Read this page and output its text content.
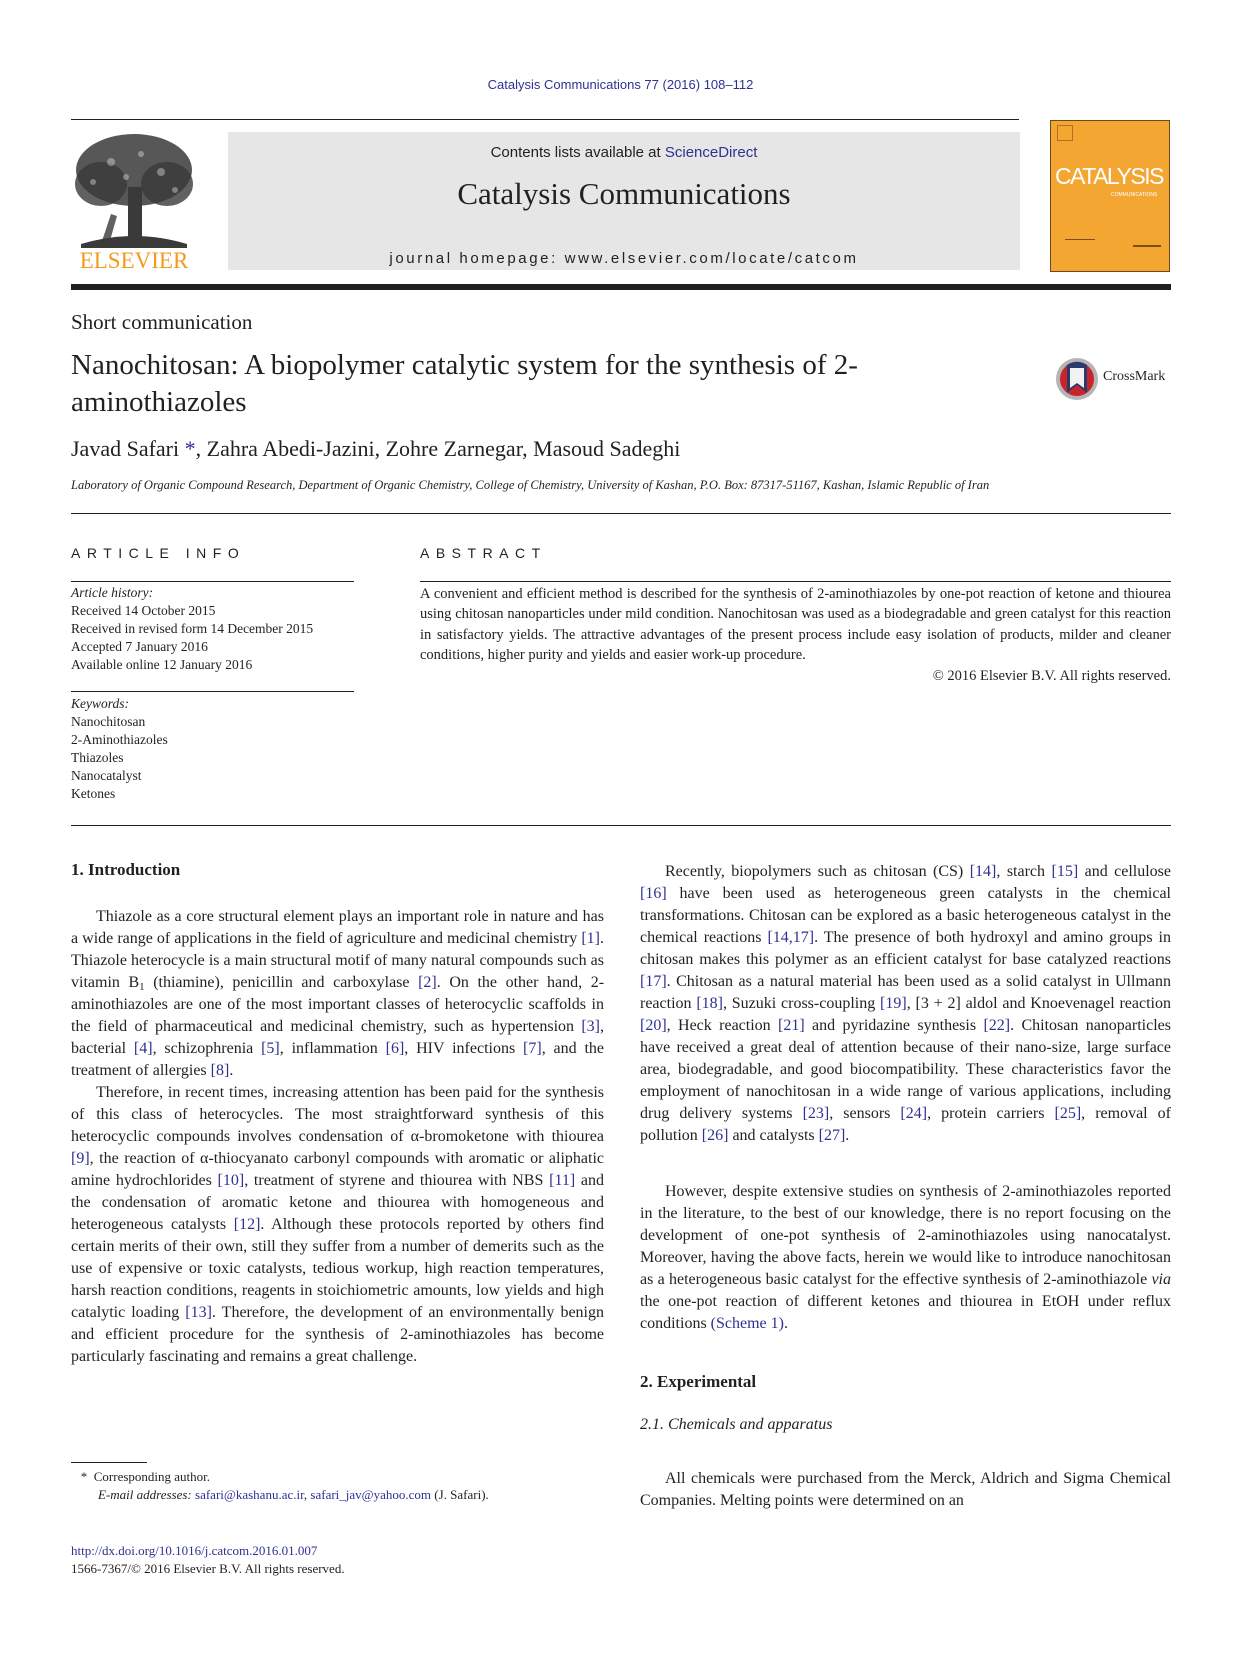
Catalysis Communications 77 (2016) 108–112
ELSEVIER
Contents lists available at ScienceDirect
Catalysis Communications
journal homepage: www.elsevier.com/locate/catcom
CATALYSIS
COMMUNICATIONS
Short communication
Nanochitosan: A biopolymer catalytic system for the synthesis of 2-aminothiazoles
CrossMark
Javad Safari *, Zahra Abedi-Jazini, Zohre Zarnegar, Masoud Sadeghi
Laboratory of Organic Compound Research, Department of Organic Chemistry, College of Chemistry, University of Kashan, P.O. Box: 87317-51167, Kashan, Islamic Republic of Iran
ARTICLE INFO	ABSTRACT
Article history:
Received 14 October 2015
Received in revised form 14 December 2015
Accepted 7 January 2016
Available online 12 January 2016
Keywords:
Nanochitosan
2-Aminothiazoles
Thiazoles
Nanocatalyst
Ketones

A convenient and efficient method is described for the synthesis of 2-aminothiazoles by one-pot reaction of ketone and thiourea using chitosan nanoparticles under mild condition. Nanochitosan was used as a biodegradable and green catalyst for this reaction in satisfactory yields. The attractive advantages of the present process include easy isolation of products, milder and cleaner conditions, higher purity and yields and easier work-up procedure.

© 2016 Elsevier B.V. All rights reserved.

1. Introduction

Thiazole as a core structural element plays an important role in nature and has a wide range of applications in the field of agriculture and medicinal chemistry [1]. Thiazole heterocycle is a main structural motif of many natural compounds such as vitamin $B_1$ (thiamine), penicillin and carboxylase [2]. On the other hand, 2-aminothiazoles are one of the most important classes of heterocyclic scaffolds in the field of pharmaceutical and medicinal chemistry, such as hypertension [3], bacterial [4], schizophrenia [5], inflammation [6], HIV infections [7], and the treatment of allergies [8].

Therefore, in recent times, increasing attention has been paid for the synthesis of this class of heterocycles. The most straightforward synthesis of this heterocyclic compounds involves condensation of α-bromoketone with thiourea [9], the reaction of α-thiocyanato carbonyl compounds with aromatic or aliphatic amine hydrochlorides [10], treatment of styrene and thiourea with NBS [11] and the condensation of aromatic ketone and thiourea with homogeneous and heterogeneous catalysts [12]. Although these protocols reported by others find certain merits of their own, still they suffer from a number of demerits such as the use of expensive or toxic catalysts, tedious workup, high reaction temperatures, harsh reaction conditions, reagents in stoichiometric amounts, low yields and high catalytic loading [13]. Therefore, the development of an environmentally benign and efficient procedure for the synthesis of 2-aminothiazoles has become particularly fascinating and remains a great challenge.

Recently, biopolymers such as chitosan (CS) [14], starch [15] and cellulose [16] have been used as heterogeneous green catalysts in the chemical transformations. Chitosan can be explored as a basic heterogeneous catalyst in the chemical reactions [14,17]. The presence of both hydroxyl and amino groups in chitosan makes this polymer as an efficient catalyst for base catalyzed reactions [17]. Chitosan as a natural material has been used as a solid catalyst in Ullmann reaction [18], Suzuki cross-coupling [19], [3 + 2] aldol and Knoevenagel reaction [20], Heck reaction [21] and pyridazine synthesis [22]. Chitosan nanoparticles have received a great deal of attention because of their nano-size, large surface area, biodegradable, and good biocompatibility. These characteristics favor the employment of nanochitosan in a wide range of various applications, including drug delivery systems [23], sensors [24], protein carriers [25], removal of pollution [26] and catalysts [27].

However, despite extensive studies on synthesis of 2-aminothiazoles reported in the literature, to the best of our knowledge, there is no report focusing on the development of one-pot synthesis of 2-aminothiazoles using nanocatalyst. Moreover, having the above facts, herein we would like to introduce nanochitosan as a heterogeneous basic catalyst for the effective synthesis of 2-aminothiazole via the one-pot reaction of different ketones and thiourea in EtOH under reflux conditions (Scheme 1).

2. Experimental
2.1. Chemicals and apparatus

All chemicals were purchased from the Merck, Aldrich and Sigma Chemical Companies. Melting points were determined on an

* Corresponding author.
E-mail addresses: safari@kashanu.ac.ir, safari_jav@yahoo.com (J. Safari).
http://dx.doi.org/10.1016/j.catcom.2016.01.007
1566-7367/© 2016 Elsevier B.V. All rights reserved.
